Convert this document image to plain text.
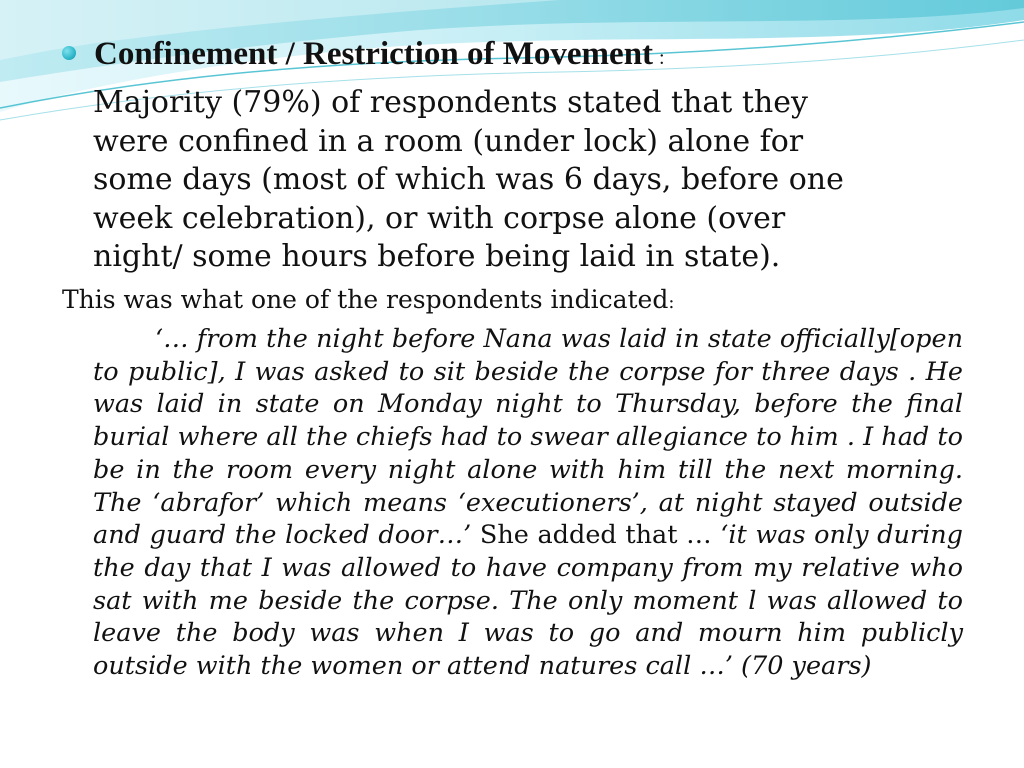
Confinement / Restriction of Movement :
Majority (79%) of respondents stated that they
were confined in a room (under lock) alone for
some days (most of which was 6 days, before one
week celebration), or with corpse alone (over
night/ some hours before being laid in state).
This was what one of the respondents indicated:
‘… from the night before Nana was laid in state officially[open to public], I was asked to sit beside the corpse for three days . He was laid in state on Monday night to Thursday, before the final burial where all the chiefs had to swear allegiance to him . I had to be in the room every night alone with him till the next morning. The ‘abrafor’ which means ‘executioners’, at night stayed outside and guard the locked door…’ She added that … ‘it was only during the day that I was allowed to have company from my relative who sat with me beside the corpse. The only moment l was allowed to leave the body was when I was to go and mourn him publicly outside with the women or attend natures call …’ (70 years)
